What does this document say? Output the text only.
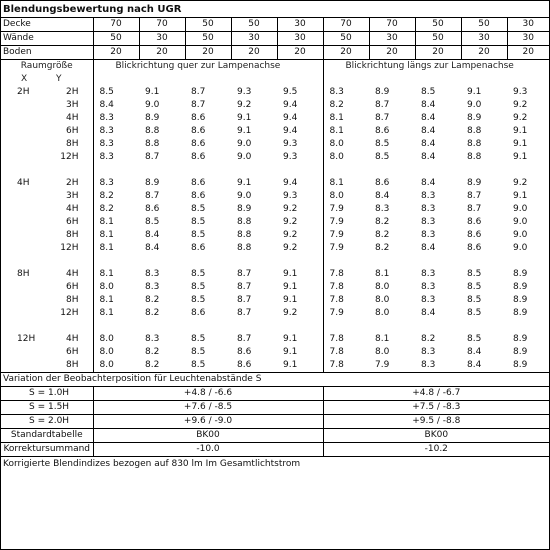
Blendungsbewertung nach UGR											
Decke		70	70	50	50	30	70	70	50	50	30
Wände		50	30	50	30	30	50	30	50	30	30
Boden		20	20	20	20	20	20	20	20	20	20
Raumgröße		Blickrichtung quer zur Lampenachse					Blickrichtung längs zur Lampenachse				
X	Y										
2H	2H	8.5	9.1	8.7	9.3	9.5	8.3	8.9	8.5	9.1	9.3
	3H	8.4	9.0	8.7	9.2	9.4	8.2	8.7	8.4	9.0	9.2
	4H	8.3	8.9	8.6	9.1	9.4	8.1	8.7	8.4	8.9	9.2
	6H	8.3	8.8	8.6	9.1	9.4	8.1	8.6	8.4	8.8	9.1
	8H	8.3	8.8	8.6	9.0	9.3	8.0	8.5	8.4	8.8	9.1
	12H	8.3	8.7	8.6	9.0	9.3	8.0	8.5	8.4	8.8	9.1

4H	2H	8.3	8.9	8.6	9.1	9.4	8.1	8.6	8.4	8.9	9.2
	3H	8.2	8.7	8.6	9.0	9.3	8.0	8.4	8.3	8.7	9.1
	4H	8.2	8.6	8.5	8.9	9.2	7.9	8.3	8.3	8.7	9.0
	6H	8.1	8.5	8.5	8.8	9.2	7.9	8.2	8.3	8.6	9.0
	8H	8.1	8.4	8.5	8.8	9.2	7.9	8.2	8.3	8.6	9.0
	12H	8.1	8.4	8.6	8.8	9.2	7.9	8.2	8.4	8.6	9.0

8H	4H	8.1	8.3	8.5	8.7	9.1	7.8	8.1	8.3	8.5	8.9
	6H	8.0	8.3	8.5	8.7	9.1	7.8	8.0	8.3	8.5	8.9
	8H	8.1	8.2	8.5	8.7	9.1	7.8	8.0	8.3	8.5	8.9
	12H	8.1	8.2	8.6	8.7	9.2	7.9	8.0	8.4	8.5	8.9

12H	4H	8.0	8.3	8.5	8.7	9.1	7.8	8.1	8.2	8.5	8.9
	6H	8.0	8.2	8.5	8.6	9.1	7.8	8.0	8.3	8.4	8.9
	8H	8.0	8.2	8.5	8.6	9.1	7.8	7.9	8.3	8.4	8.9
Variation der Beobachterposition für Leuchtenabstände S											
S = 1.0H		+4.8 / -6.6					+4.8 / -6.7				
S = 1.5H		+7.6 / -8.5					+7.5 / -8.3				
S = 2.0H		+9.6 / -9.0					+9.5 / -8.8				
Standardtabelle		BK00					BK00				
Korrektursummand		-10.0					-10.2				
Korrigierte Blendindizes bezogen auf 830 lm Im Gesamtlichtstrom											
